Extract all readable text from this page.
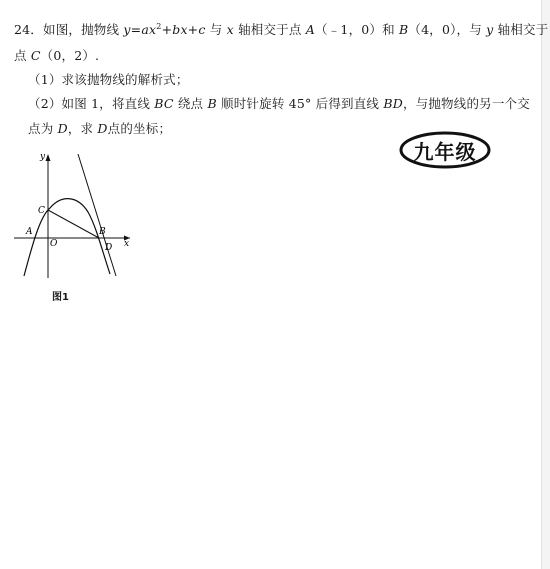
24．如图，抛物线 $y=ax^2+bx+c$ 与 x 轴相交于点 A（﹣1，0）和 B（4，0），与 y 轴相交于
点 C（0，2）.
（1）求该抛物线的解析式；
（2）如图 1，将直线 BC 绕点 B 顺时针旋转 45° 后得到直线 BD，与抛物线的另一个交
点为 D，求 D点的坐标；
九年级
y
x
C
A
O
B
D
图1
